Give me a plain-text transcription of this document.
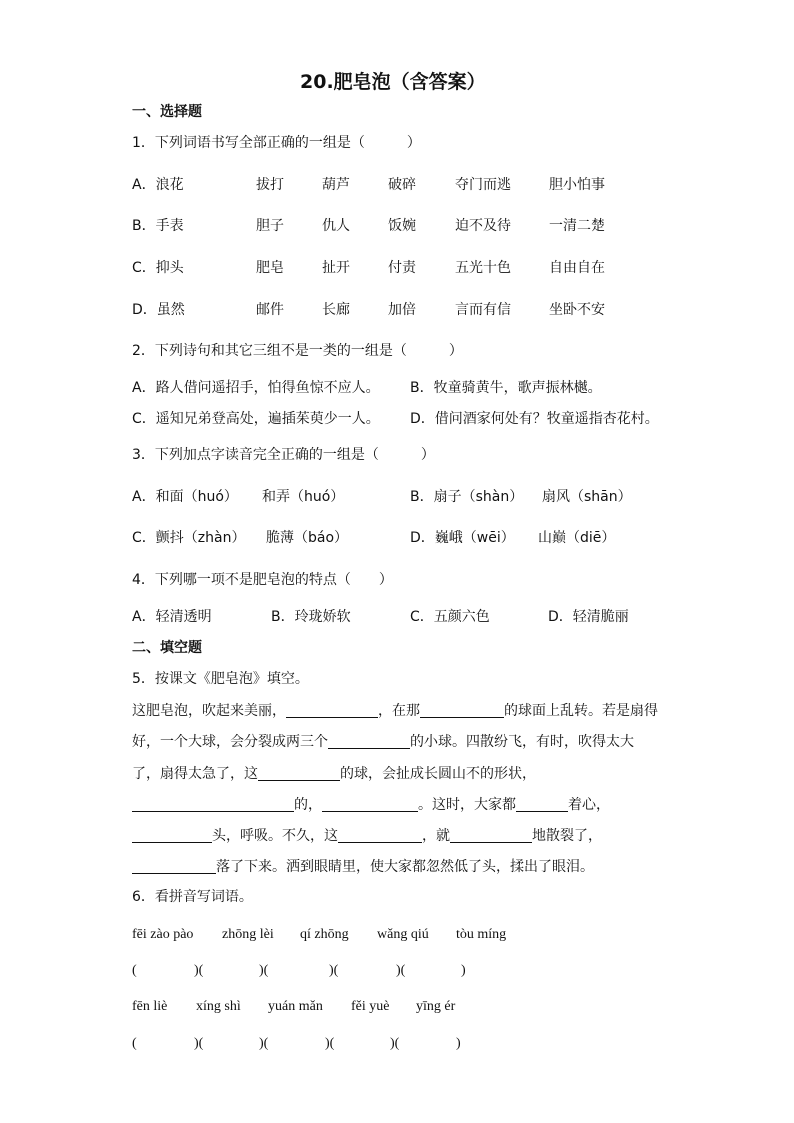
20.肥皂泡（含答案）
一、选择题
1．下列词语书写全部正确的一组是（　　　）
A．浪花	拔打	葫芦	破碎	夺门而逃	胆小怕事
B．手表	胆子	仇人	饭婉	迫不及待	一清二楚
C．抑头	肥皂	扯开	付责	五光十色	自由自在
D．虽然	邮件	长廊	加倍	言而有信	坐卧不安
2．下列诗句和其它三组不是一类的一组是（　　　）
A．路人借问遥招手，怕得鱼惊不应人。 B．牧童骑黄牛，歌声振林樾。
C．遥知兄弟登高处，遍插茱萸少一人。 D．借问酒家何处有？牧童遥指杏花村。
3．下列加点字读音完全正确的一组是（　　　）
A．和面（huó） 和弄（huó）	B．扇子（shàn） 扇风（shān）
C．颤抖（zhàn） 脆薄（báo）	D．巍峨（wēi） 山巅（diē）
4．下列哪一项不是肥皂泡的特点（　　）
A．轻清透明	B．玲珑娇软	C．五颜六色	D．轻清脆丽
二、填空题
5．按课文《肥皂泡》填空。
这肥皂泡，吹起来美丽，	，在那	的球面上乱转。若是扇得
好，一个大球，会分裂成两三个	的小球。四散纷飞，有时，吹得太大
了，扇得太急了，这	的球，会扯成长圆山不的形状，
的，	。这时，大家都	着心，
头，呼吸。不久，这	，就	地散裂了，
落了下来。洒到眼睛里，使大家都忽然低了头，揉出了眼泪。
6．看拼音写词语。
fēi zào pào zhōng lèi qí zhōng wǎng qiú tòu míng
(	)(	)(	)(	)(	)
fēn liè xíng shì yuán mǎn fěi yuè yīng ér
(	)(	)(	)(	)(	)
